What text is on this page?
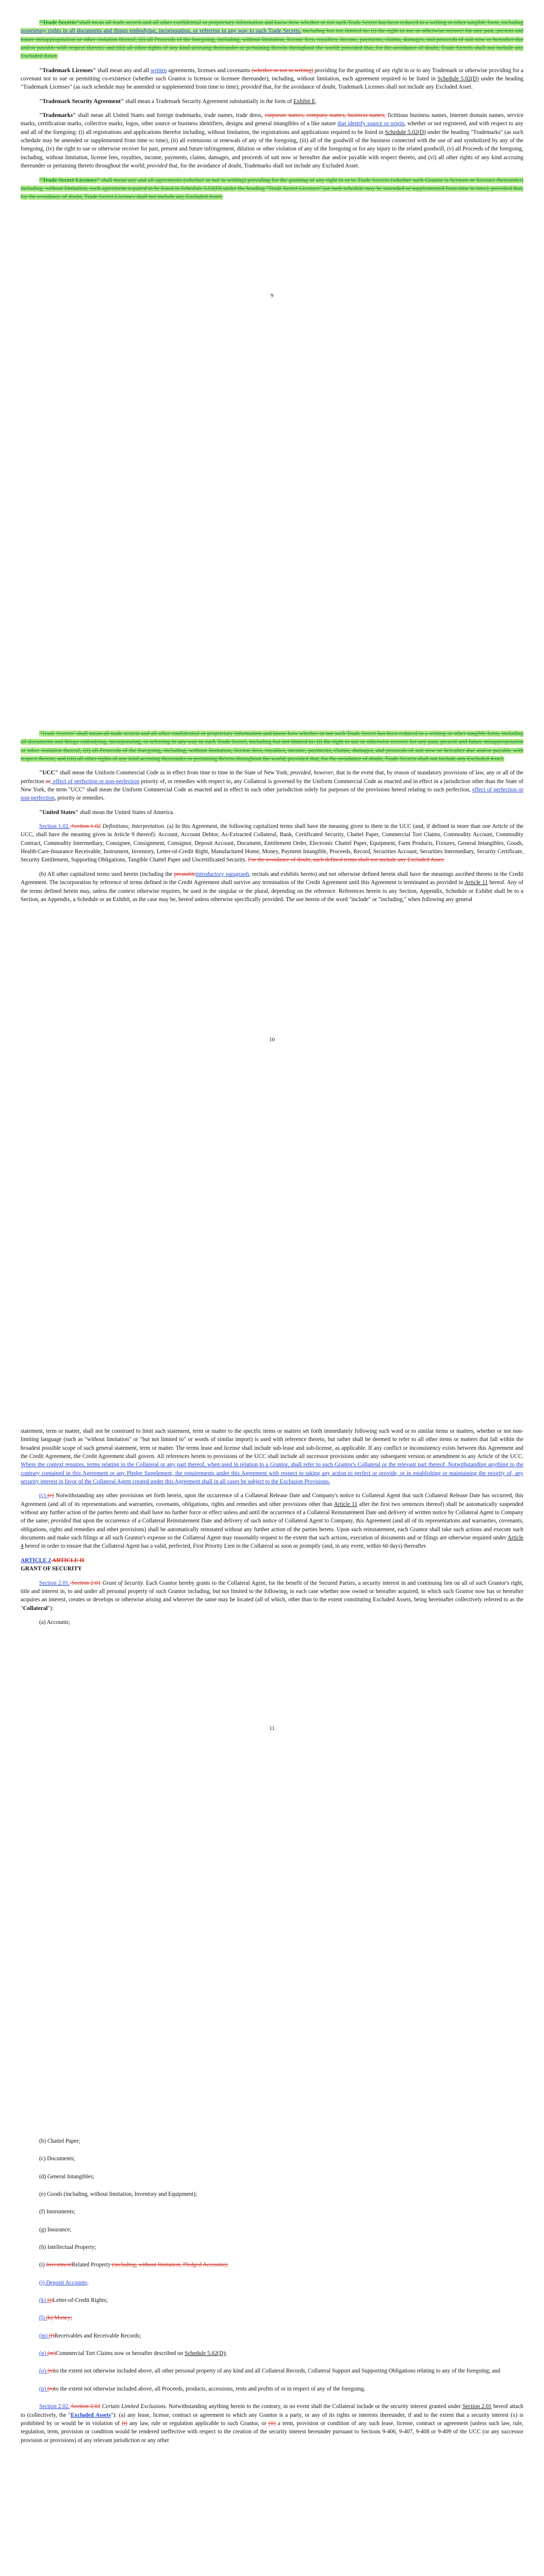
"Trade Secrets"shall mean all trade secrets and all other confidential or proprietary information and know-how whether or not such Trade Secret has been reduced to a writing or other tangible form, including proprietary rights in all documents and things embodying, incorporating, or referring in any way to such Trade Secrets, including but not limited to: (i) the right to sue or otherwise recover for any past, present and future misappropriation or other violation thereof, (ii) all Proceeds of the foregoing, including, without limitation, license fees, royalties, income, payments, claims, damages, and proceeds of suit now or hereafter due and/or payable with respect thereto; and (iii) all other rights of any kind accruing thereunder or pertaining thereto throughout the world; provided that, for the avoidance of doubt, Trade Secrets shall not include any Excluded Asset.

"Trademark Licenses" shall mean any and all written agreements, licenses and covenants (whether or not in writing) providing for the granting of any right in or to any Trademark or otherwise providing for a covenant not to sue or permitting co-existence (whether such Grantor is licensor or licensee thereunder), including, without limitation, each agreement required to be listed in Schedule 5.02(D) under the heading "Trademark Licenses" (as such schedule may be amended or supplemented from time to time); provided that, for the avoidance of doubt, Trademark Licenses shall not include any Excluded Asset.

"Trademark Security Agreement" shall mean a Trademark Security Agreement substantially in the form of Exhibit E.

"Trademarks" shall mean all United States and foreign trademarks, trade names, trade dress, corporate names, company names, business names, fictitious business names, Internet domain names, service marks, certification marks, collective marks, logos, other source or business identifiers, designs and general intangibles of a like nature that identify source or origin, whether or not registered, and with respect to any and all of the foregoing: (i) all registrations and applications therefor including, without limitation, the registrations and applications required to be listed in Schedule 5.02(D) under the heading "Trademarks" (as such schedule may be amended or supplemented from time to time), (ii) all extensions or renewals of any of the foregoing, (iii) all of the goodwill of the business connected with the use of and symbolized by any of the foregoing, (iv) the right to sue or otherwise recover for past, present and future infringement, dilution or other violation of any of the foregoing or for any injury to the related goodwill, (v) all Proceeds of the foregoing, including, without limitation, license fees, royalties, income, payments, claims, damages, and proceeds of suit now or hereafter due and/or payable with respect thereto, and (vi) all other rights of any kind accruing thereunder or pertaining thereto throughout the world; provided that, for the avoidance of doubt, Trademarks shall not include any Excluded Asset.

"Trade Secret Licenses" shall mean any and all agreements (whether or not in writing) providing for the granting of any right in or to Trade Secrets (whether such Grantor is licensor or licensee thereunder) including, without limitation, each agreement required to be listed in Schedule 5.02(D) under the heading "Trade Secret Licenses" (as such schedule may be amended or supplemented from time to time); provided that, for the avoidance of doubt, Trade Secret Licenses shall not include any Excluded Asset.

9

"Trade Secrets" shall mean all trade secrets and all other confidential or proprietary information and know-how whether or not such Trade Secret has been reduced to a writing or other tangible form, including all documents and things embodying, incorporating, or referring in any way to such Trade Secret, including but not limited to: (i) the right to sue or otherwise recover for any past, present and future misappropriation or other violation thereof, (ii) all Proceeds of the foregoing, including, without limitation, license fees, royalties, income, payments, claims, damages, and proceeds of suit now or hereafter due and/or payable with respect thereto; and (iii) all other rights of any kind accruing thereunder or pertaining thereto throughout the world; provided that, for the avoidance of doubt, Trade Secrets shall not include any Excluded Asset.

"UCC" shall mean the Uniform Commercial Code as in effect from time to time in the State of New York; provided, however, that in the event that, by reason of mandatory provisions of law, any or all of the perfection or, effect of perfection or non-perfection priority of, or remedies with respect to, any Collateral is governed by the Uniform Commercial Code as enacted and in effect in a jurisdiction other than the State of New York, the term "UCC" shall mean the Uniform Commercial Code as enacted and in effect in such other jurisdiction solely for purposes of the provisions hereof relating to such perfection, effect of perfection or non-perfection, priority or remedies.

"United States" shall mean the United States of America.

Section 1.02. Section 1.02 Definitions; Interpretation. (a) In this Agreement, the following capitalized terms shall have the meaning given to them in the UCC (and, if defined in more than one Article of the UCC, shall have the meaning given in Article 9 thereof): Account, Account Debtor, As-Extracted Collateral, Bank, Certificated Security, Chattel Paper, Commercial Tort Claims, Commodity Account, Commodity Contract, Commodity Intermediary, Consignee, Consignment, Consignor, Deposit Account, Document, Entitlement Order, Electronic Chattel Paper, Equipment, Farm Products, Fixtures, General Intangibles, Goods, Health-Care-Insurance Receivable, Instrument, Inventory, Letter-of-Credit Right, Manufactured Home, Money, Payment Intangible, Proceeds, Record, Securities Account, Securities Intermediary, Security Certificate, Security Entitlement, Supporting Obligations, Tangible Chattel Paper and Uncertificated Security. For the avoidance of doubt, such defined terms shall not include any Excluded Asset.

(b) All other capitalized terms used herein (including the preambleintroductory paragraph, recitals and exhibits hereto) and not otherwise defined herein shall have the meanings ascribed thereto in the Credit Agreement. The incorporation by reference of terms defined in the Credit Agreement shall survive any termination of the Credit Agreement until this Agreement is terminated as provided in Article 11 hereof. Any of the terms defined herein may, unless the context otherwise requires, be used in the singular or the plural, depending on the reference. References herein to any Section, Appendix, Schedule or Exhibit shall be to a Section, an Appendix, a Schedule or an Exhibit, as the case may be, hereof unless otherwise specifically provided. The use herein of the word "include" or "including," when following any general

10

statement, term or matter, shall not be construed to limit such statement, term or matter to the specific items or matters set forth immediately following such word or to similar items or matters, whether or not non-limiting language (such as "without limitation" or "but not limited to" or words of similar import) is used with reference thereto, but rather shall be deemed to refer to all other items or matters that fall within the broadest possible scope of such general statement, term or matter. The terms lease and license shall include sub-lease and sub-license, as applicable. If any conflict or inconsistency exists between this Agreement and the Credit Agreement, the Credit Agreement shall govern. All references herein to provisions of the UCC shall include all successor provisions under any subsequent version or amendment to any Article of the UCC. Where the context requires, terms relating to the Collateral or any part thereof, when used in relation to a Grantor, shall refer to such Grantor's Collateral or the relevant part thereof. Notwithstanding anything to the contrary contained in this Agreement or any Pledge Supplement, the requirements under this Agreement with respect to taking any action to perfect or provide, or in establishing or maintaining the priority of, any security interest in favor of the Collateral Agent created under this Agreement shall in all cases be subject to the Exclusion Provisions.

(c) (e) Notwithstanding any other provisions set forth herein, upon the occurrence of a Collateral Release Date and Company's notice to Collateral Agent that such Collateral Release Date has occurred, this Agreement (and all of its representations and warranties, covenants, obligations, rights and remedies and other provisions other than Article 11 after the first two sentences thereof) shall be automatically suspended without any further action of the parties hereto and shall have no further force or effect unless and until the occurrence of a Collateral Reinstatement Date and delivery of written notice by Collateral Agent to Company of the same; provided that upon the occurrence of a Collateral Reinstatement Date and delivery of such notice of Collateral Agent to Company, this Agreement (and all of its representations and warranties, covenants, obligations, rights and remedies and other provisions) shall be automatically reinstated without any further action of the parties hereto. Upon such reinstatement, each Grantor shall take such actions and execute such documents and make such filings at all such Grantor's expense so the Collateral Agent may reasonably request to the extent that such actions, execution of documents and or filings are otherwise required under Article 4 hereof in order to ensure that the Collateral Agent has a valid, perfected, First Priority Lien in the Collateral as soon as promptly (and, in any event, within 60 days) thereafter.

ARTICLE 2 ARTICLE II

GRANT OF SECURITY

Section 2.01. Section 2.01 Grant of Security. Each Grantor hereby grants to the Collateral Agent, for the benefit of the Secured Parties, a security interest in and continuing lien on all of such Grantor's right, title and interest in, to and under all personal property of such Grantor including, but not limited to the following, in each case whether now owned or hereafter acquired, in which such Grantor now has or hereafter acquires an interest, creates or develops or otherwise arising and wherever the same may be located (all of which, other than to the extent constituting Excluded Assets, being hereinafter collectively referred to as the "Collateral"):

(a) Accounts;

11

(b) Chattel Paper;

(c) Documents;

(d) General Intangibles;

(e) Goods (including, without limitation, Inventory and Equipment);

(f) Instruments;

(g) Insurance;

(h) Intellectual Property;

(i) InvestmentRelated Property (including, without limitation, Pledged Accounts);

(j) Deposit Accounts;

(k) (j)Letter-of-Credit Rights;

(l) (k) Money;

(m) (l)Receivables and Receivable Records;

(n) (m)Commercial Tort Claims now or hereafter described on Schedule 5.02(D);

(o) (n)to the extent not otherwise included above, all other personal property of any kind and all Collateral Records, Collateral Support and Supporting Obligations relating to any of the foregoing; and

(p) (o)to the extent not otherwise included above, all Proceeds, products, accessions, rents and profits of or in respect of any of the foregoing.

Section 2.02. Section 2.02 Certain Limited Exclusions. Notwithstanding anything herein to the contrary, in no event shall the Collateral include or the security interest granted under Section 2.01 hereof attach to (collectively, the "Excluded Assets"): (a) any lease, license, contract or agreement to which any Grantor is a party, or any of its rights or interests thereunder, if and to the extent that a security interest (x) is prohibited by or would be in violation of (i) any law, rule or regulation applicable to such Grantor, or (ii) a term, provision or condition of any such lease, license, contract or agreement (unless such law, rule, regulation, term, provision or condition would be rendered ineffective with respect to the creation of the security interest hereunder pursuant to Sections 9-406, 9-407, 9-408 or 9-409 of the UCC (or any successor provision or provisions) of any relevant jurisdiction or any other
